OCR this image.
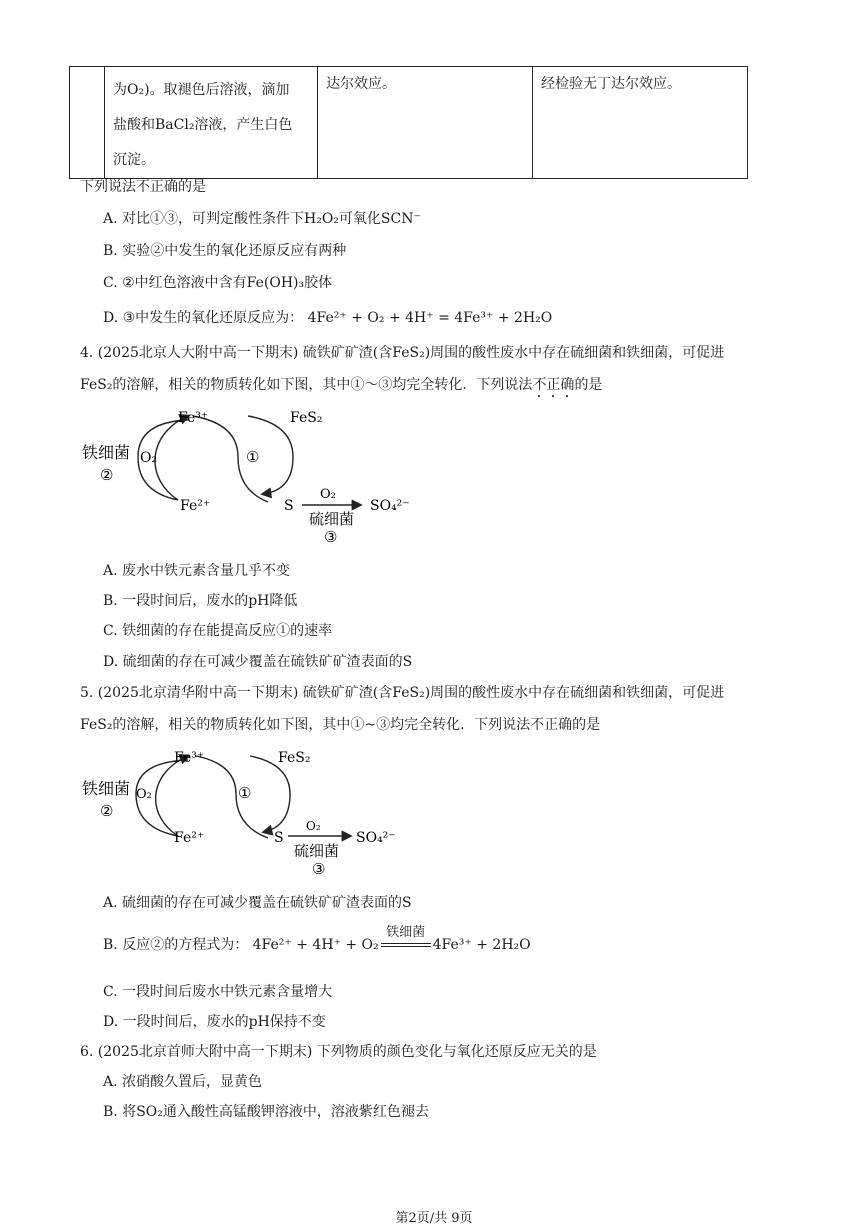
为O₂)。取褪色后溶液，滴加
盐酸和BaCl₂溶液，产生白色
沉淀。
	达尔效应。	经检验无丁达尔效应。
下列说法不正确的是
A. 对比①③，可判定酸性条件下H₂O₂可氧化SCN⁻
B. 实验②中发生的氧化还原反应有两种
C. ②中红色溶液中含有Fe(OH)₃胶体
D. ③中发生的氧化还原反应为： 4Fe²⁺ + O₂ + 4H⁺ = 4Fe³⁺ + 2H₂O
4. (2025北京人大附中高一下期末) 硫铁矿矿渣(含FeS₂)周围的酸性废水中存在硫细菌和铁细菌，可促进
FeS₂的溶解，相关的物质转化如下图，其中①～③均完全转化．下列说法不正确的是
Fe³⁺	FeS₂
铁细菌
②
O₂	①
Fe²⁺	S
O₂
SO₄²⁻
硫细菌
③
A. 废水中铁元素含量几乎不变
B. 一段时间后，废水的pH降低
C. 铁细菌的存在能提高反应①的速率
D. 硫细菌的存在可减少覆盖在硫铁矿矿渣表面的S
5. (2025北京清华附中高一下期末) 硫铁矿矿渣(含FeS₂)周围的酸性废水中存在硫细菌和铁细菌，可促进
FeS₂的溶解，相关的物质转化如下图，其中①~③均完全转化．下列说法不正确的是
Fe³⁺	FeS₂
铁细菌
②
O₂	①
Fe²⁺	S
O₂
SO₄²⁻
硫细菌
③
A. 硫细菌的存在可减少覆盖在硫铁矿矿渣表面的S
B. 反应②的方程式为： 4Fe²⁺ + 4H⁺ + O₂
铁细菌
4Fe³⁺ + 2H₂O
C. 一段时间后废水中铁元素含量增大
D. 一段时间后，废水的pH保持不变
6. (2025北京首师大附中高一下期末) 下列物质的颜色变化与氧化还原反应无关的是
A. 浓硝酸久置后，显黄色
B. 将SO₂通入酸性高锰酸钾溶液中，溶液紫红色褪去
第2页/共 9页
